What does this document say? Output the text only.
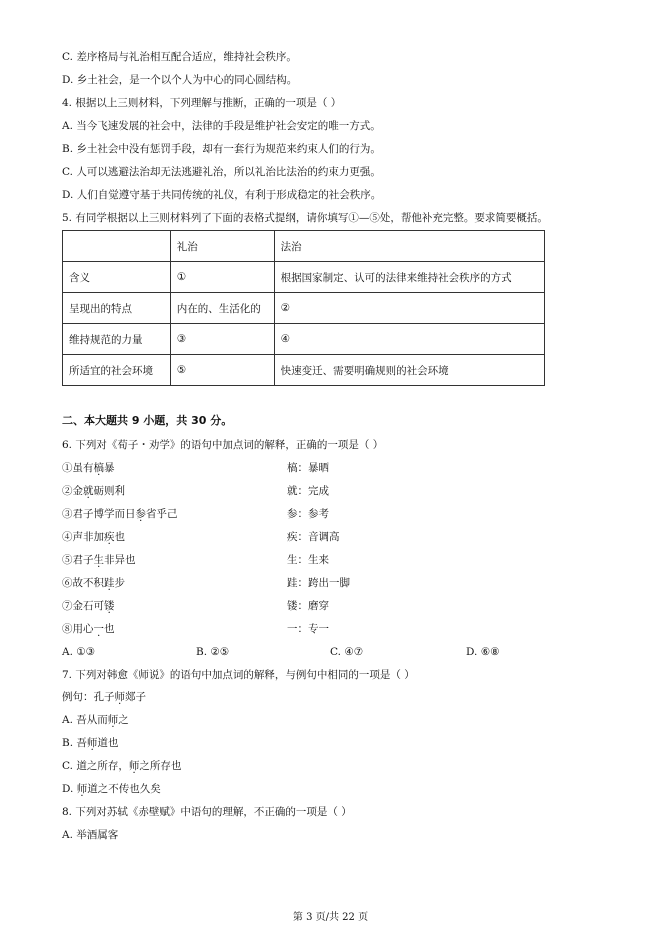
C. 差序格局与礼治相互配合适应，维持社会秩序。
D. 乡土社会，是一个以个人为中心的同心圆结构。
4. 根据以上三则材料，下列理解与推断，正确的一项是（ ）
A. 当今飞速发展的社会中，法律的手段是维护社会安定的唯一方式。
B. 乡土社会中没有惩罚手段，却有一套行为规范来约束人们的行为。
C. 人可以逃避法治却无法逃避礼治，所以礼治比法治的约束力更强。
D. 人们自觉遵守基于共同传统的礼仪，有利于形成稳定的社会秩序。
5. 有同学根据以上三则材料列了下面的表格式提纲，请你填写①—⑤处，帮他补充完整。要求简要概括。
	礼治	法治
含义	①	根据国家制定、认可的法律来维持社会秩序的方式
呈现出的特点	内在的、生活化的	②
维持规范的力量	③	④
所适宜的社会环境	⑤	快速变迁、需要明确规则的社会环境
二、本大题共 9 小题，共 30 分。
6. 下列对《荀子・劝学》的语句中加点词的解释，正确的一项是（ ）
①虽有槁暴	槁：暴晒
②金就砺则利	就：完成
③君子博学而日参省乎己	参：参考
④声非加疾也	疾：音调高
⑤君子生非异也	生：生来
⑥故不积跬步	跬：跨出一脚
⑦金石可镂	镂：磨穿
⑧用心一也	一：专一
A. ①③	B. ②⑤	C. ④⑦	D. ⑥⑧
7. 下列对韩愈《师说》的语句中加点词的解释，与例句中相同的一项是（ ）
例句：孔子师郯子
A. 吾从而师之
B. 吾师道也
C. 道之所存，师之所存也
D. 师道之不传也久矣
8. 下列对苏轼《赤壁赋》中语句的理解，不正确的一项是（ ）
A. 举酒属客
第 3 页/共 22 页
